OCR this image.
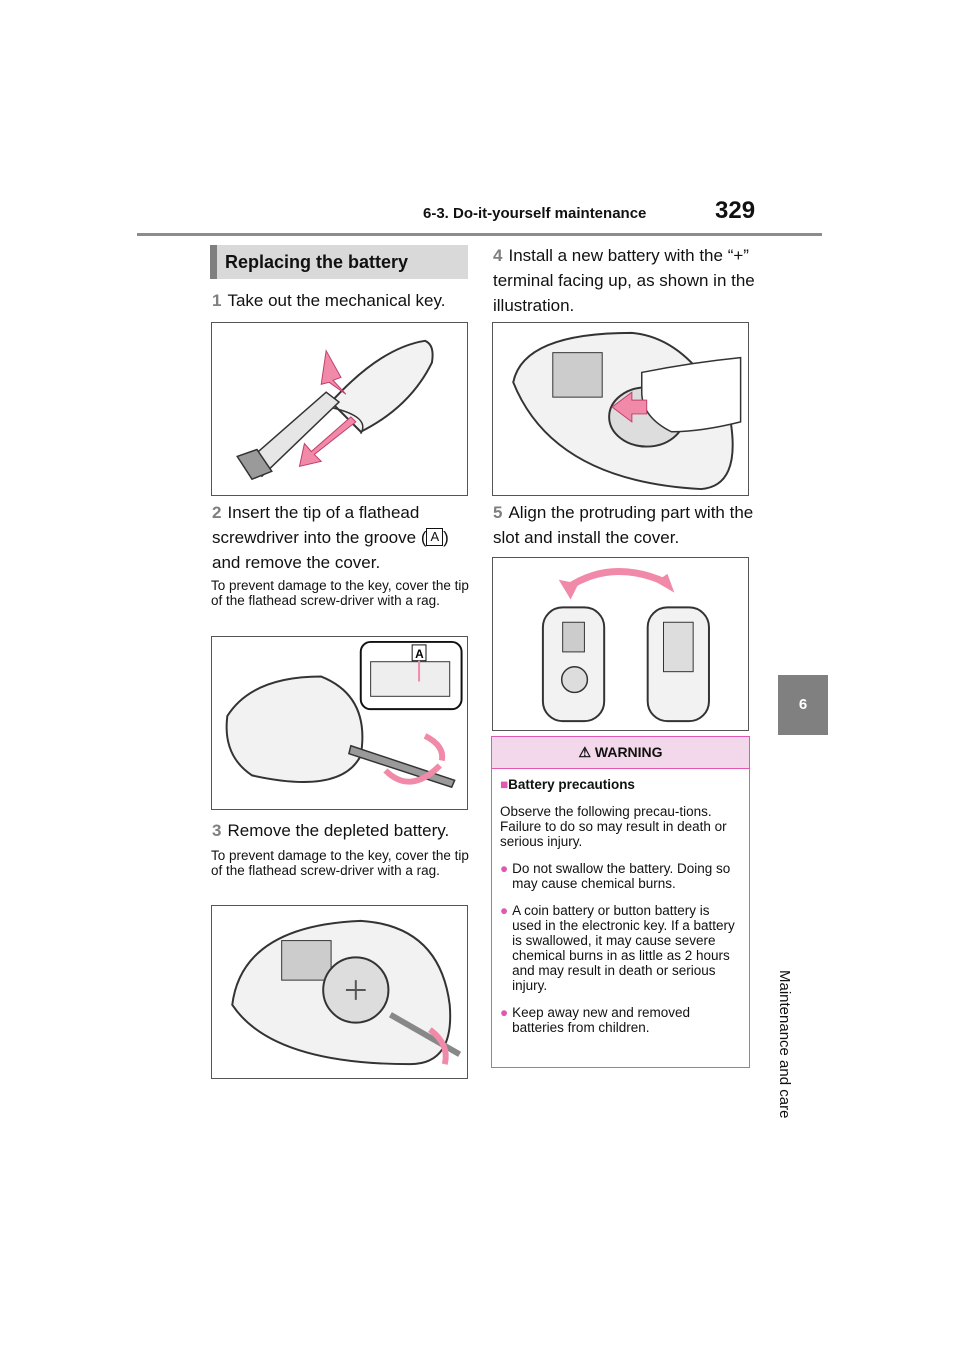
6-3. Do-it-yourself maintenance	329
6
Maintenance and care
Replacing the battery
1 Take out the mechanical key.
2 Insert the tip of a flathead screwdriver into the groove ( A ) and remove the cover.
To prevent damage to the key, cover the tip of the flathead screw-driver with a rag.
A
3 Remove the depleted battery.
To prevent damage to the key, cover the tip of the flathead screw-driver with a rag.
4 Install a new battery with the “+” terminal facing up, as shown in the illustration.
5 Align the protruding part with the slot and install the cover.
⚠ WARNING

■Battery precautions

Observe the following precau-tions. Failure to do so may result in death or serious injury.

● Do not swallow the battery. Doing so may cause chemical burns.
● A coin battery or button battery is used in the electronic key. If a battery is swallowed, it may cause severe chemical burns in as little as 2 hours and may result in death or serious injury.
● Keep away new and removed batteries from children.
